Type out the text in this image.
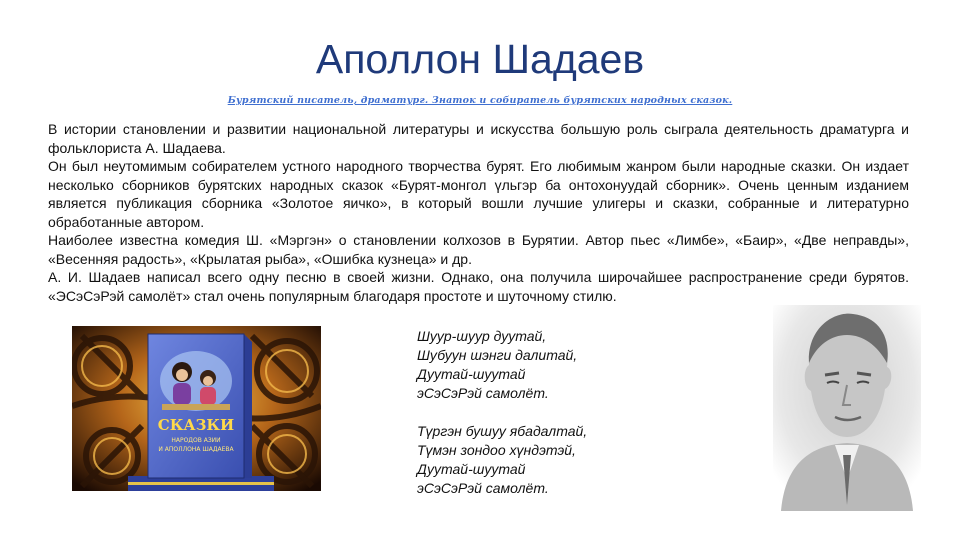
Аполлон Шадаев
Бурятский писатель, драматург. Знаток и собиратель бурятских народных сказок.

В истории становлении и развитии национальной литературы и искусства большую роль сыграла деятельность драматурга и фольклориста А. Шадаева.

Он был неутомимым собирателем устного народного творчества бурят. Его любимым жанром были народные сказки. Он издает несколько сборников бурятских народных сказок «Бурят-монгол үльгэр ба онтохонуудай сборник». Очень ценным изданием является публикация сборника «Золотое яичко», в который вошли лучшие улигеры и сказки, собранные и литературно обработанные автором.

Наиболее известна комедия Ш. «Мэргэн» о становлении колхозов в Бурятии. Автор пьес «Лимбе», «Баир», «Две неправды», «Весенняя радость», «Крылатая рыба», «Ошибка кузнеца» и др.

А. И. Шадаев написал всего одну песню в своей жизни. Однако, она получила широчайшее распространение среди бурятов. «ЭСэСэРэй самолёт» стал очень популярным благодаря простоте и шуточному стилю.

СКАЗКИ
НАРОДОВ АЗИИ
И АПОЛЛОНА ШАДАЕВА
Шуур-шуур дуутай,
Шубуун шэнги далитай,
Дуутай-шуутай
эСэСэРэй самолёт.
Түргэн бушуу ябадалтай,
Түмэн зондоо хүндэтэй,
Дуутай-шуутай
эСэСэРэй самолёт.
